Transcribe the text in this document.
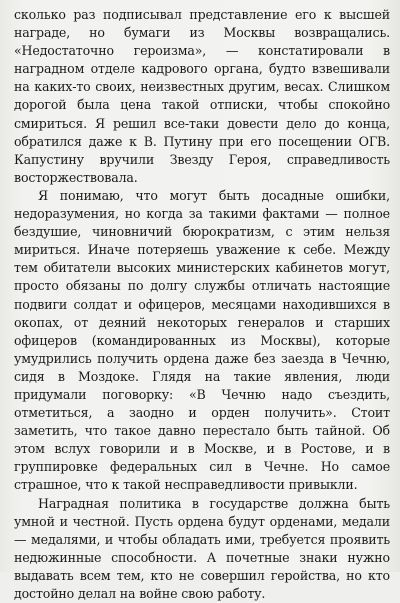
сколько раз подписывал представление его к высшей награде, но бумаги из Москвы возвращались. «Недостаточно героизма», — констатировали в наградном отделе кадрового органа, будто взвешивали на каких-то своих, неизвестных другим, весах. Слишком дорогой была цена такой отписки, чтобы спокойно смириться. Я решил все-таки довести дело до конца, обратился даже к В. Путину при его посещении ОГВ. Капустину вручили Звезду Героя, справедливость восторжествовала.

Я понимаю, что могут быть досадные ошибки, недоразумения, но когда за такими фактами — полное бездушие, чиновничий бюрократизм, с этим нельзя мириться. Иначе потеряешь уважение к себе. Между тем обитатели высоких министерских кабинетов могут, просто обязаны по долгу службы отличать настоящие подвиги солдат и офицеров, месяцами находившихся в окопах, от деяний некоторых генералов и старших офицеров (командированных из Москвы), которые умудрились получить ордена даже без заезда в Чечню, сидя в Моздоке. Глядя на такие явления, люди придумали поговорку: «В Чечню надо съездить, отметиться, а заодно и орден получить». Стоит заметить, что такое давно перестало быть тайной. Об этом вслух говорили и в Москве, и в Ростове, и в группировке федеральных сил в Чечне. Но самое страшное, что к такой несправедливости привыкли.

Наградная политика в государстве должна быть умной и честной. Пусть ордена будут орденами, медали — медалями, и чтобы обладать ими, требуется проявить недюжинные способности. А почетные знаки нужно выдавать всем тем, кто не совершил геройства, но кто достойно делал на войне свою работу.
